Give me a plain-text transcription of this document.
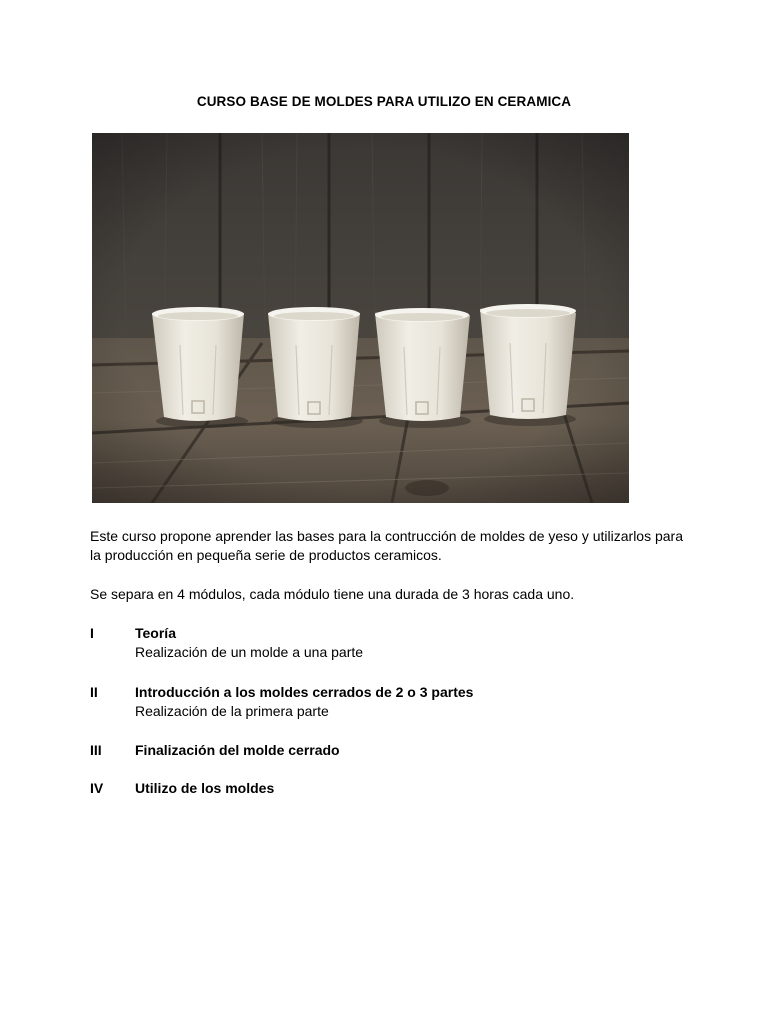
CURSO BASE DE MOLDES PARA UTILIZO EN CERAMICA
Este curso propone aprender las bases para la contrucción de moldes de yeso y utilizarlos para la producción en pequeña serie de productos ceramicos.
Se separa en 4 módulos, cada módulo tiene una durada de 3 horas cada uno.
I	Teoría
Realización de un molde a una parte
II	Introducción a los moldes cerrados de 2 o 3 partes
Realización de la primera parte
III Finalización del molde cerrado
IV Utilizo de los moldes
